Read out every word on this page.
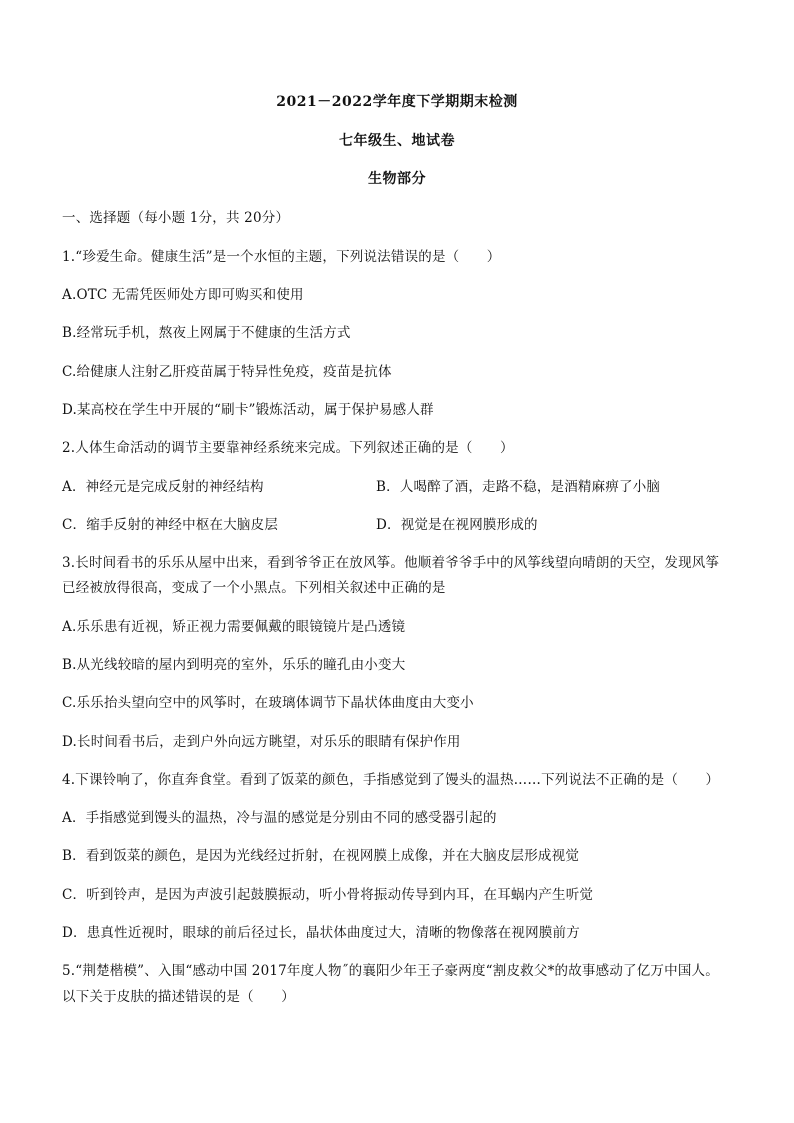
2021－2022学年度下学期期末检测
七年级生、地试卷
生物部分
一、选择题（每小题 1分，共 20分）
1.“珍爱生命。健康生活”是一个水恒的主题，下列说法错误的是（　　）
A.OTC 无需凭医师处方即可购买和使用
B.经常玩手机，熬夜上网属于不健康的生活方式
C.给健康人注射乙肝疫苗属于特异性免疫，疫苗是抗体
D.某高校在学生中开展的“刷卡”锻炼活动，属于保护易感人群
2.人体生命活动的调节主要靠神经系统来完成。下列叙述正确的是（　　）
A．神经元是完成反射的神经结构	B．人喝醉了酒，走路不稳，是酒精麻痹了小脑
C．缩手反射的神经中枢在大脑皮层	D．视觉是在视网膜形成的
3.长时间看书的乐乐从屋中出来，看到爷爷正在放风筝。他顺着爷爷手中的风筝线望向晴朗的天空，发现风筝
已经被放得很高，变成了一个小黑点。下列相关叙述中正确的是
A.乐乐患有近视，矫正视力需要佩戴的眼镜镜片是凸透镜
B.从光线较暗的屋内到明亮的室外，乐乐的瞳孔由小变大
C.乐乐抬头望向空中的风筝时，在玻璃体调节下晶状体曲度由大变小
D.长时间看书后，走到户外向远方眺望，对乐乐的眼睛有保护作用
4.下课铃响了，你直奔食堂。看到了饭菜的颜色，手指感觉到了馒头的温热……下列说法不正确的是（　　）
A．手指感觉到馒头的温热，冷与温的感觉是分别由不同的感受器引起的
B．看到饭菜的颜色，是因为光线经过折射，在视网膜上成像，并在大脑皮层形成视觉
C．听到铃声，是因为声波引起鼓膜振动，听小骨将振动传导到内耳，在耳蜗内产生听觉
D．患真性近视时，眼球的前后径过长，晶状体曲度过大，清晰的物像落在视网膜前方
5.“荆楚楷模”、入围“感动中国 2017年度人物˝的襄阳少年王子豪两度“割皮救父*的故事感动了亿万中国人。
以下关于皮肤的描述错误的是（　　）
